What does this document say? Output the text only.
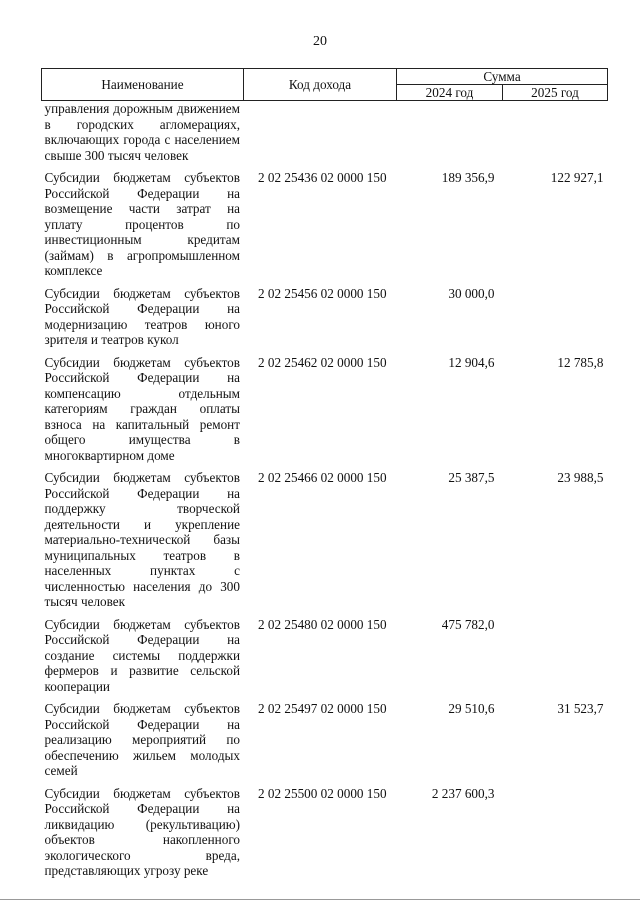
20
Наименование	Код дохода	Сумма	
		2024 год	2025 год
управления дорожным движением в городских агломерациях, включающих города с населением свыше 300 тысяч человек			
Субсидии бюджетам субъектов Российской Федерации на возмещение части затрат на уплату процентов по инвестиционным кредитам (займам) в агропромышленном комплексе	2 02 25436 02 0000 150	189 356,9	122 927,1
Субсидии бюджетам субъектов Российской Федерации на модернизацию театров юного зрителя и театров кукол	2 02 25456 02 0000 150	30 000,0	
Субсидии бюджетам субъектов Российской Федерации на компенсацию отдельным категориям граждан оплаты взноса на капитальный ремонт общего имущества в многоквартирном доме	2 02 25462 02 0000 150	12 904,6	12 785,8
Субсидии бюджетам субъектов Российской Федерации на поддержку творческой деятельности и укрепление материально-технической базы муниципальных театров в населенных пунктах с численностью населения до 300 тысяч человек	2 02 25466 02 0000 150	25 387,5	23 988,5
Субсидии бюджетам субъектов Российской Федерации на создание системы поддержки фермеров и развитие сельской кооперации	2 02 25480 02 0000 150	475 782,0	
Субсидии бюджетам субъектов Российской Федерации на реализацию мероприятий по обеспечению жильем молодых семей	2 02 25497 02 0000 150	29 510,6	31 523,7
Субсидии бюджетам субъектов Российской Федерации на ликвидацию (рекультивацию) объектов накопленного экологического вреда, представляющих угрозу реке	2 02 25500 02 0000 150	2 237 600,3	
